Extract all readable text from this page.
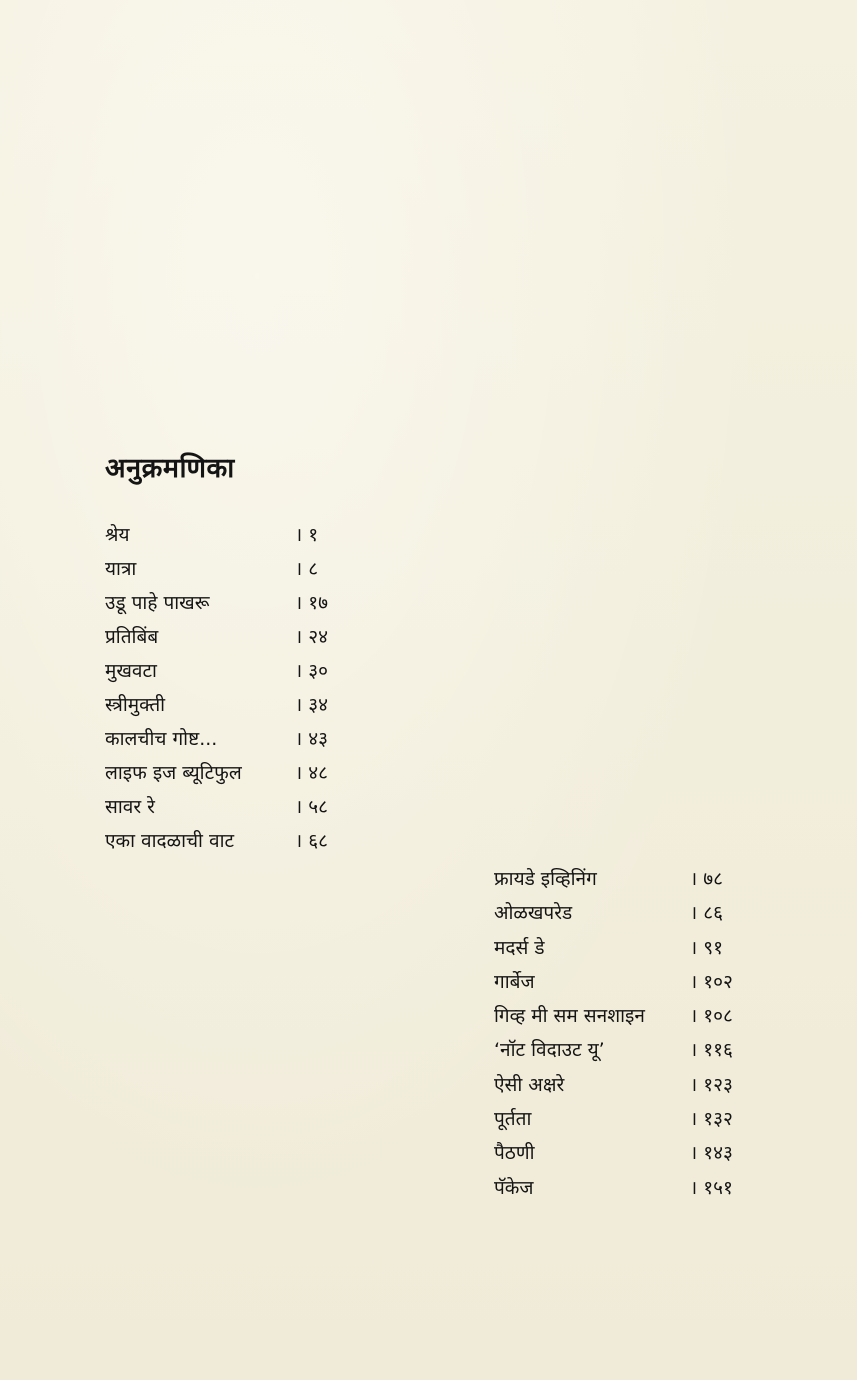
अनुक्रमणिका
श्रेय	। १
यात्रा	। ८
उडू पाहे पाखरू	। १७
प्रतिबिंब	। २४
मुखवटा	। ३०
स्त्रीमुक्ती	। ३४
कालचीच गोष्ट...	। ४३
लाइफ इज ब्यूटिफुल	। ४८
सावर रे	। ५८
एका वादळाची वाट	। ६८
फ्रायडे इव्हिनिंग	। ७८
ओळखपरेड	। ८६
मदर्स डे	। ९१
गार्बेज	। १०२
गिव्ह मी सम सनशाइन । १०८
‘नॉट विदाउट यू’	। ११६
ऐसी अक्षरे	। १२३
पूर्तता	। १३२
पैठणी	। १४३
पॅकेज	। १५१
